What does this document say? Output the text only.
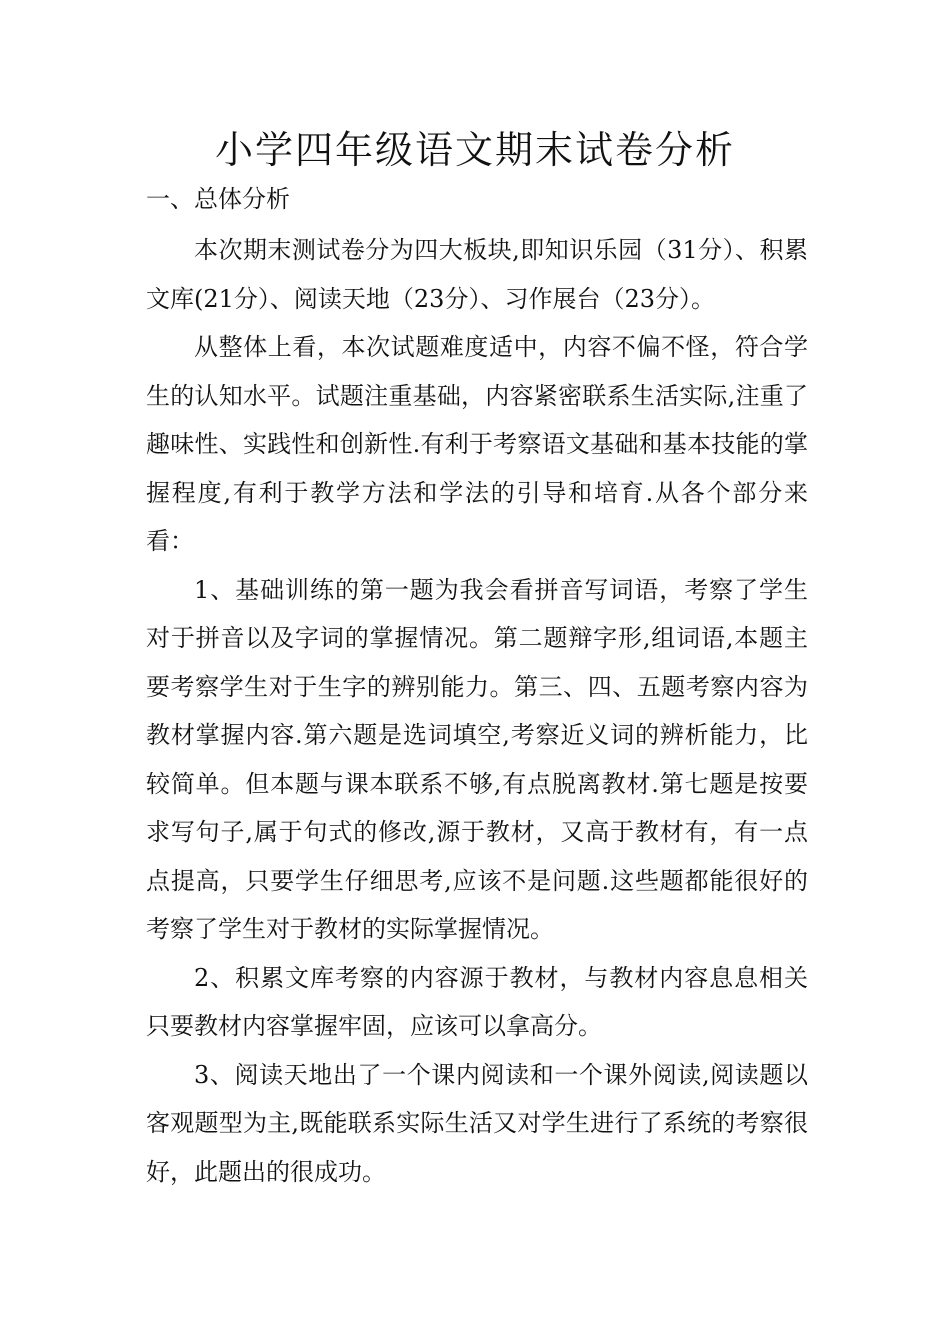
小学四年级语文期末试卷分析
一、总体分析

本次期末测试卷分为四大板块,即知识乐园（31分）、积累文库(21分）、阅读天地（23分）、习作展台（23分）。

从整体上看，本次试题难度适中，内容不偏不怪，符合学生的认知水平。试题注重基础，内容紧密联系生活实际,注重了趣味性、实践性和创新性.有利于考察语文基础和基本技能的掌握程度,有利于教学方法和学法的引导和培育.从各个部分来看：

1、基础训练的第一题为我会看拼音写词语，考察了学生对于拼音以及字词的掌握情况。第二题辩字形,组词语,本题主要考察学生对于生字的辨别能力。第三、四、五题考察内容为教材掌握内容.第六题是选词填空,考察近义词的辨析能力，比较简单。但本题与课本联系不够,有点脱离教材.第七题是按要求写句子,属于句式的修改,源于教材，又高于教材有，有一点点提高，只要学生仔细思考,应该不是问题.这些题都能很好的考察了学生对于教材的实际掌握情况。

2、积累文库考察的内容源于教材，与教材内容息息相关只要教材内容掌握牢固，应该可以拿高分。

3、阅读天地出了一个课内阅读和一个课外阅读,阅读题以客观题型为主,既能联系实际生活又对学生进行了系统的考察很好，此题出的很成功。
